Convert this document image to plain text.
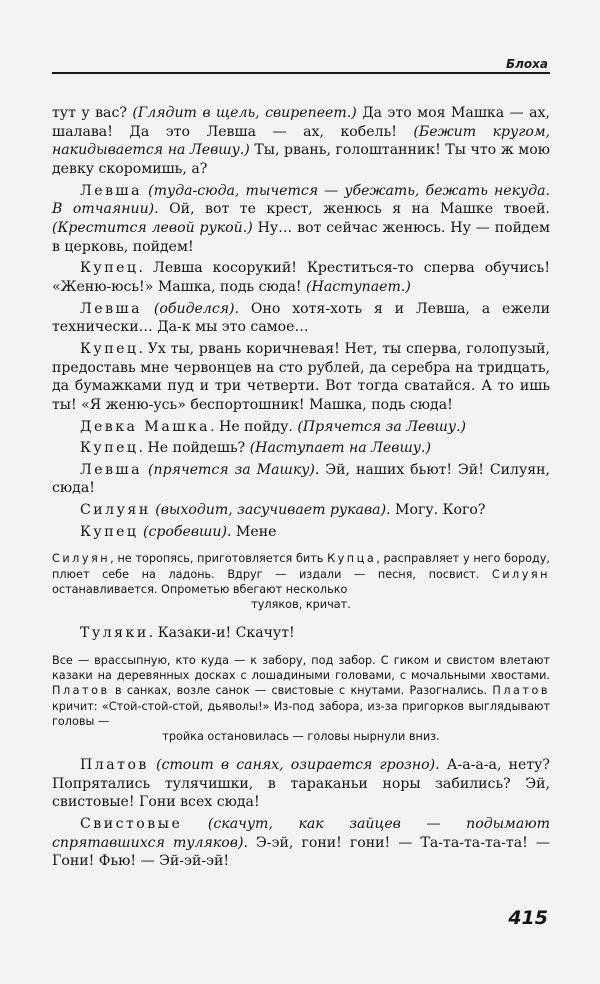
Блоха
тут у вас? (Глядит в щель, свирепеет.) Да это моя Машка — ах, шалава! Да это Левша — ах, кобель! (Бежит кругом, накидывается на Левшу.) Ты, рвань, голоштанник! Ты что ж мою девку скоромишь, а?
Левша (туда-сюда, тычется — убежать, бежать некуда. В отчаянии). Ой, вот те крест, женюсь я на Машке твоей. (Крестится левой рукой.) Ну… вот сейчас женюсь. Ну — пойдем в церковь, пойдем!
Купец. Левша косорукий! Креститься-то сперва обучись! «Женю-юсь!» Машка, подь сюда! (Наступает.)
Левша (обиделся). Оно хотя-хоть я и Левша, а ежели технически… Да-к мы это самое…
Купец. Ух ты, рвань коричневая! Нет, ты сперва, голопузый, предоставь мне червонцев на сто рублей, да серебра на тридцать, да бумажками пуд и три четверти. Вот тогда сватайся. А то ишь ты! «Я женю-усь» беспортошник! Машка, подь сюда!
Девка Машка. Не пойду. (Прячется за Левшу.)
Купец. Не пойдешь? (Наступает на Левшу.)
Левша (прячется за Машку). Эй, наших бьют! Эй! Силуян, сюда!
Силуян (выходит, засучивает рукава). Могу. Кого?
Купец (сробевши). Мене
Силуян, не торопясь, приготовляется бить Купца, расправляет у него бороду, плюет себе на ладонь. Вдруг — издали — песня, посвист. Силуян останавливается. Опрометью вбегают несколько
туляков, кричат.
Туляки. Казаки-и! Скачут!
Все — врассыпную, кто куда — к забору, под забор. С гиком и свистом влетают казаки на деревянных досках с лошадиными головами, с мочальными хвостами. Платов в санках, возле санок — свистовые с кнутами. Разогнались. Платов кричит: «Стой-стой-стой, дьяволы!» Из-под забора, из-за пригорков выглядывают головы —
тройка остановилась — головы нырнули вниз.
Платов (стоит в санях, озирается грозно). А-а-а-а, нету? Попрятались тулячишки, в тараканьи норы забились? Эй, свистовые! Гони всех сюда!
Свистовые (скачут, как зайцев — подымают спрятавшихся туляков). Э-эй, гони! гони! — Та-та-та-та-та! — Гони! Фью! — Эй-эй-эй!
415
